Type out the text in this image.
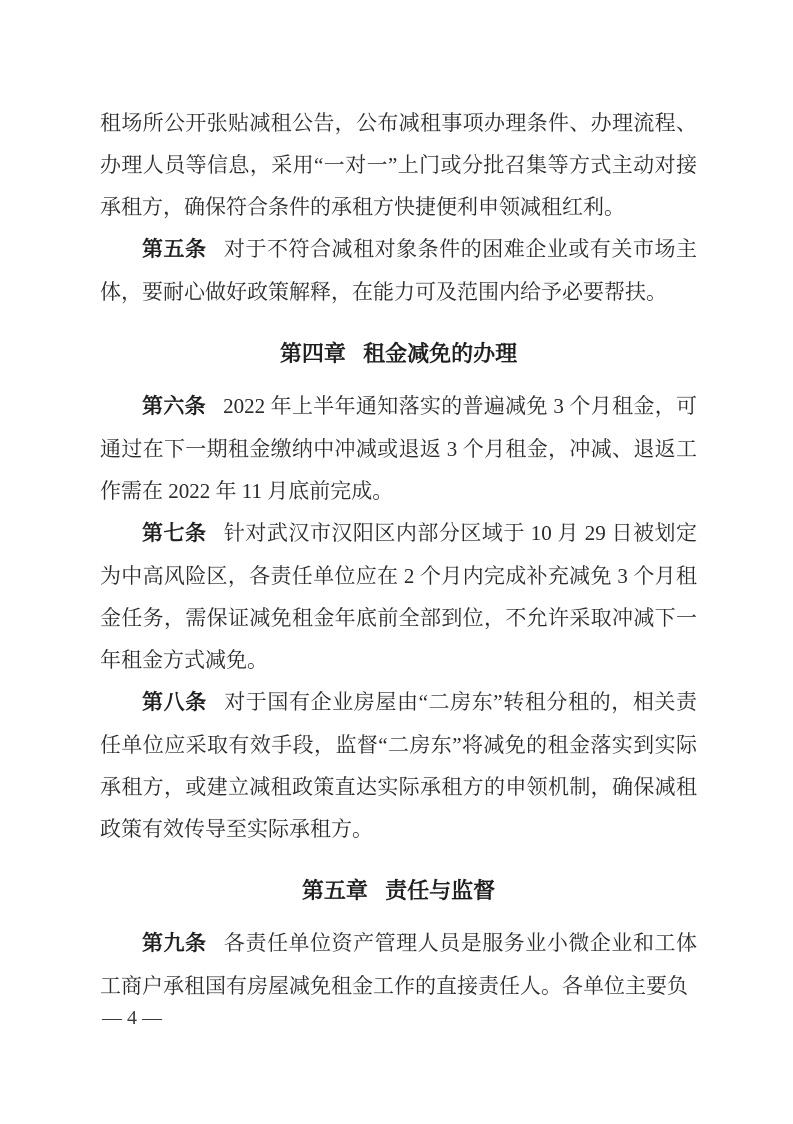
租场所公开张贴减租公告，公布减租事项办理条件、办理流程、办理人员等信息，采用“一对一”上门或分批召集等方式主动对接承租方，确保符合条件的承租方快捷便利申领减租红利。

第五条 对于不符合减租对象条件的困难企业或有关市场主体，要耐心做好政策解释，在能力可及范围内给予必要帮扶。

第四章 租金减免的办理

第六条 2022 年上半年通知落实的普遍减免 3 个月租金，可通过在下一期租金缴纳中冲减或退返 3 个月租金，冲减、退返工作需在 2022 年 11 月底前完成。

第七条 针对武汉市汉阳区内部分区域于 10 月 29 日被划定为中高风险区，各责任单位应在 2 个月内完成补充减免 3 个月租金任务，需保证减免租金年底前全部到位，不允许采取冲减下一年租金方式减免。

第八条 对于国有企业房屋由“二房东”转租分租的，相关责任单位应采取有效手段，监督“二房东”将减免的租金落实到实际承租方，或建立减租政策直达实际承租方的申领机制，确保减租政策有效传导至实际承租方。

第五章 责任与监督

第九条 各责任单位资产管理人员是服务业小微企业和工体工商户承租国有房屋减免租金工作的直接责任人。各单位主要负

— 4 —
